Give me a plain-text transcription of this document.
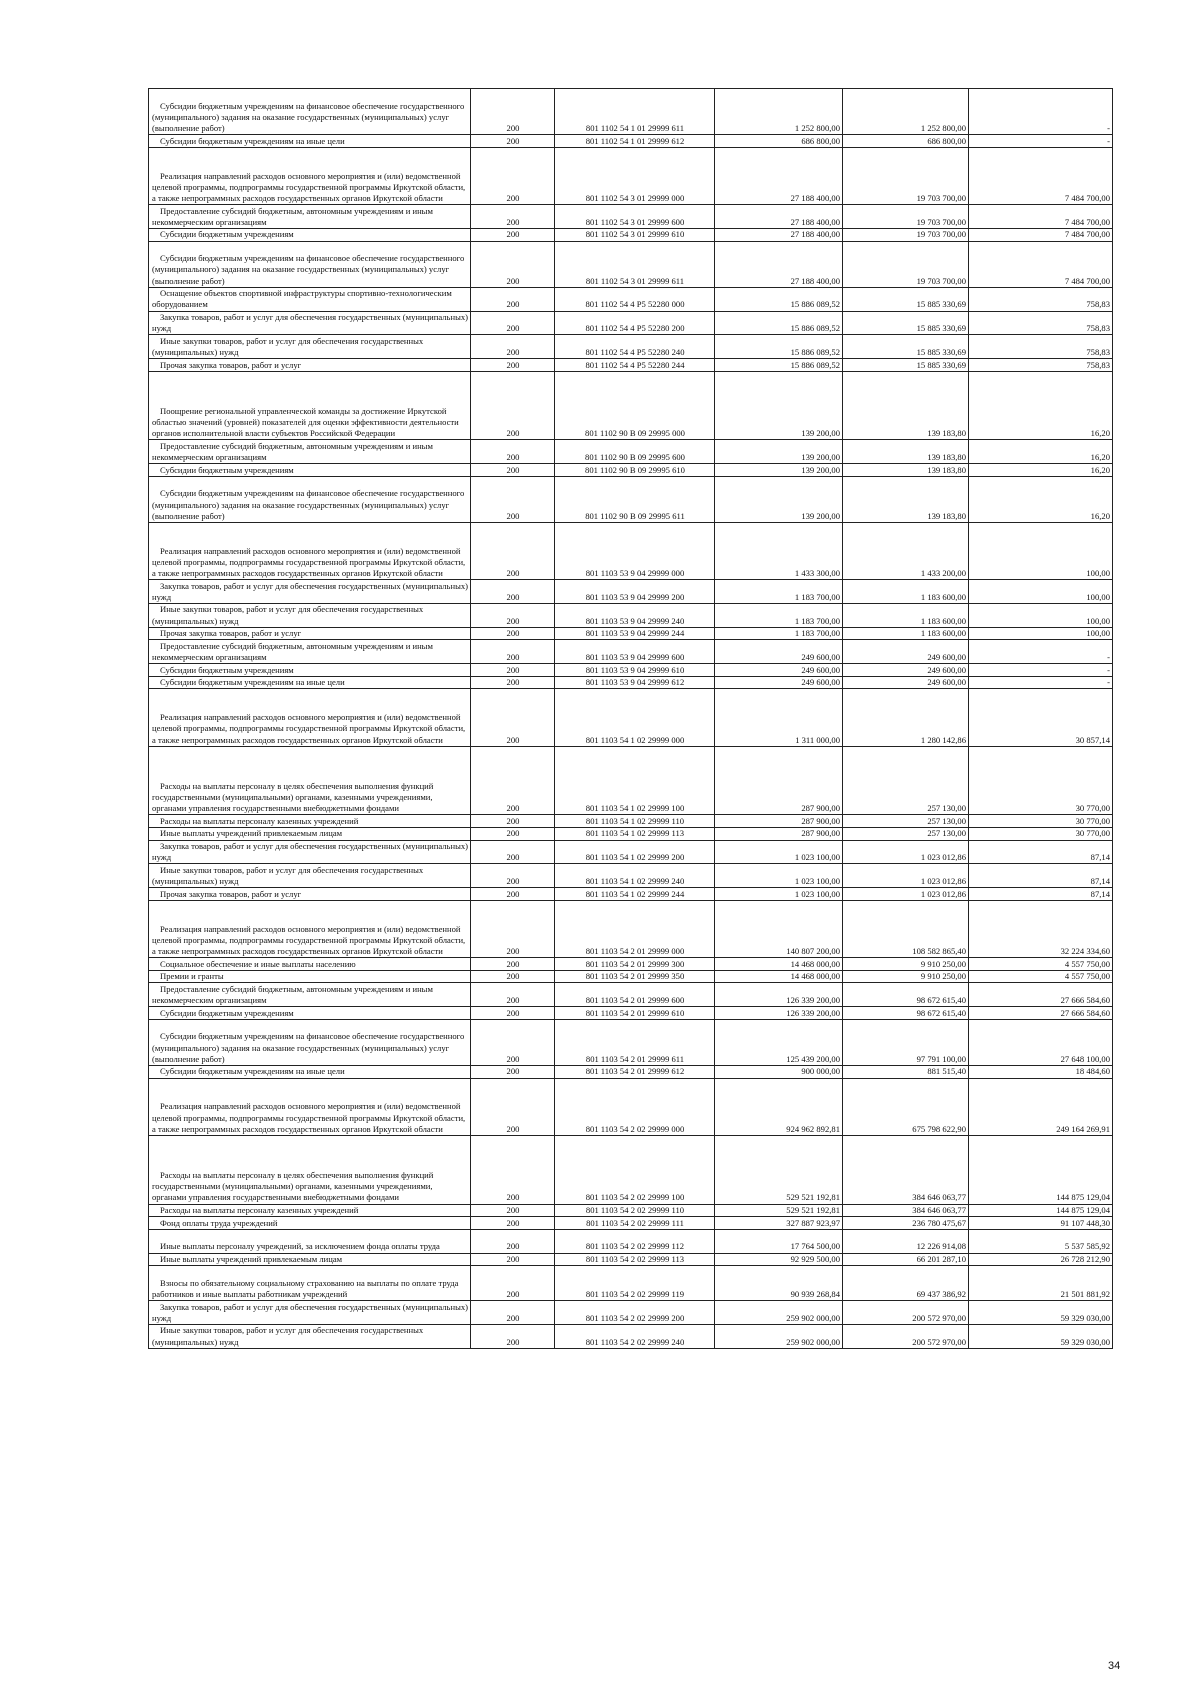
Субсидии бюджетным учреждениям на финансовое обеспечение государственного (муниципального) задания на оказание государственных (муниципальных) услуг (выполнение работ)	200	801 1102 54 1 01 29999 611	1 252 800,00	1 252 800,00	-
Субсидии бюджетным учреждениям на иные цели	200	801 1102 54 1 01 29999 612	686 800,00	686 800,00	-
Реализация направлений расходов основного мероприятия и (или) ведомственной целевой программы, подпрограммы государственной программы Иркутской области, а также непрограммных расходов государственных органов Иркутской области	200	801 1102 54 3 01 29999 000	27 188 400,00	19 703 700,00	7 484 700,00
Предоставление субсидий бюджетным, автономным учреждениям и иным некоммерческим организациям	200	801 1102 54 3 01 29999 600	27 188 400,00	19 703 700,00	7 484 700,00
Субсидии бюджетным учреждениям	200	801 1102 54 3 01 29999 610	27 188 400,00	19 703 700,00	7 484 700,00
Субсидии бюджетным учреждениям на финансовое обеспечение государственного (муниципального) задания на оказание государственных (муниципальных) услуг (выполнение работ)	200	801 1102 54 3 01 29999 611	27 188 400,00	19 703 700,00	7 484 700,00
Оснащение объектов спортивной инфраструктуры спортивно-технологическим оборудованием	200	801 1102 54 4 P5 52280 000	15 886 089,52	15 885 330,69	758,83
Закупка товаров, работ и услуг для обеспечения государственных (муниципальных) нужд	200	801 1102 54 4 P5 52280 200	15 886 089,52	15 885 330,69	758,83
Иные закупки товаров, работ и услуг для обеспечения государственных (муниципальных) нужд	200	801 1102 54 4 P5 52280 240	15 886 089,52	15 885 330,69	758,83
Прочая закупка товаров, работ и услуг	200	801 1102 54 4 P5 52280 244	15 886 089,52	15 885 330,69	758,83
Поощрение региональной управленческой команды за достижение Иркутской областью значений (уровней) показателей для оценки эффективности деятельности органов исполнительной власти субъектов Российской Федерации	200	801 1102 90 В 09 29995 000	139 200,00	139 183,80	16,20
Предоставление субсидий бюджетным, автономным учреждениям и иным некоммерческим организациям	200	801 1102 90 В 09 29995 600	139 200,00	139 183,80	16,20
Субсидии бюджетным учреждениям	200	801 1102 90 В 09 29995 610	139 200,00	139 183,80	16,20
Субсидии бюджетным учреждениям на финансовое обеспечение государственного (муниципального) задания на оказание государственных (муниципальных) услуг (выполнение работ)	200	801 1102 90 В 09 29995 611	139 200,00	139 183,80	16,20
Реализация направлений расходов основного мероприятия и (или) ведомственной целевой программы, подпрограммы государственной программы Иркутской области, а также непрограммных расходов государственных органов Иркутской области	200	801 1103 53 9 04 29999 000	1 433 300,00	1 433 200,00	100,00
Закупка товаров, работ и услуг для обеспечения государственных (муниципальных) нужд	200	801 1103 53 9 04 29999 200	1 183 700,00	1 183 600,00	100,00
Иные закупки товаров, работ и услуг для обеспечения государственных (муниципальных) нужд	200	801 1103 53 9 04 29999 240	1 183 700,00	1 183 600,00	100,00
Прочая закупка товаров, работ и услуг	200	801 1103 53 9 04 29999 244	1 183 700,00	1 183 600,00	100,00
Предоставление субсидий бюджетным, автономным учреждениям и иным некоммерческим организациям	200	801 1103 53 9 04 29999 600	249 600,00	249 600,00	-
Субсидии бюджетным учреждениям	200	801 1103 53 9 04 29999 610	249 600,00	249 600,00	-
Субсидии бюджетным учреждениям на иные цели	200	801 1103 53 9 04 29999 612	249 600,00	249 600,00	-
Реализация направлений расходов основного мероприятия и (или) ведомственной целевой программы, подпрограммы государственной программы Иркутской области, а также непрограммных расходов государственных органов Иркутской области	200	801 1103 54 1 02 29999 000	1 311 000,00	1 280 142,86	30 857,14
Расходы на выплаты персоналу в целях обеспечения выполнения функций государственными (муниципальными) органами, казенными учреждениями, органами управления государственными внебюджетными фондами	200	801 1103 54 1 02 29999 100	287 900,00	257 130,00	30 770,00
Расходы на выплаты персоналу казенных учреждений	200	801 1103 54 1 02 29999 110	287 900,00	257 130,00	30 770,00
Иные выплаты учреждений привлекаемым лицам	200	801 1103 54 1 02 29999 113	287 900,00	257 130,00	30 770,00
Закупка товаров, работ и услуг для обеспечения государственных (муниципальных) нужд	200	801 1103 54 1 02 29999 200	1 023 100,00	1 023 012,86	87,14
Иные закупки товаров, работ и услуг для обеспечения государственных (муниципальных) нужд	200	801 1103 54 1 02 29999 240	1 023 100,00	1 023 012,86	87,14
Прочая закупка товаров, работ и услуг	200	801 1103 54 1 02 29999 244	1 023 100,00	1 023 012,86	87,14
Реализация направлений расходов основного мероприятия и (или) ведомственной целевой программы, подпрограммы государственной программы Иркутской области, а также непрограммных расходов государственных органов Иркутской области	200	801 1103 54 2 01 29999 000	140 807 200,00	108 582 865,40	32 224 334,60
Социальное обеспечение и иные выплаты населению	200	801 1103 54 2 01 29999 300	14 468 000,00	9 910 250,00	4 557 750,00
Премии и гранты	200	801 1103 54 2 01 29999 350	14 468 000,00	9 910 250,00	4 557 750,00
Предоставление субсидий бюджетным, автономным учреждениям и иным некоммерческим организациям	200	801 1103 54 2 01 29999 600	126 339 200,00	98 672 615,40	27 666 584,60
Субсидии бюджетным учреждениям	200	801 1103 54 2 01 29999 610	126 339 200,00	98 672 615,40	27 666 584,60
Субсидии бюджетным учреждениям на финансовое обеспечение государственного (муниципального) задания на оказание государственных (муниципальных) услуг (выполнение работ)	200	801 1103 54 2 01 29999 611	125 439 200,00	97 791 100,00	27 648 100,00
Субсидии бюджетным учреждениям на иные цели	200	801 1103 54 2 01 29999 612	900 000,00	881 515,40	18 484,60
Реализация направлений расходов основного мероприятия и (или) ведомственной целевой программы, подпрограммы государственной программы Иркутской области, а также непрограммных расходов государственных органов Иркутской области	200	801 1103 54 2 02 29999 000	924 962 892,81	675 798 622,90	249 164 269,91
Расходы на выплаты персоналу в целях обеспечения выполнения функций государственными (муниципальными) органами, казенными учреждениями, органами управления государственными внебюджетными фондами	200	801 1103 54 2 02 29999 100	529 521 192,81	384 646 063,77	144 875 129,04
Расходы на выплаты персоналу казенных учреждений	200	801 1103 54 2 02 29999 110	529 521 192,81	384 646 063,77	144 875 129,04
Фонд оплаты труда учреждений	200	801 1103 54 2 02 29999 111	327 887 923,97	236 780 475,67	91 107 448,30
Иные выплаты персоналу учреждений, за исключением фонда оплаты труда	200	801 1103 54 2 02 29999 112	17 764 500,00	12 226 914,08	5 537 585,92
Иные выплаты учреждений привлекаемым лицам	200	801 1103 54 2 02 29999 113	92 929 500,00	66 201 287,10	26 728 212,90
Взносы по обязательному социальному страхованию на выплаты по оплате труда работников и иные выплаты работникам учреждений	200	801 1103 54 2 02 29999 119	90 939 268,84	69 437 386,92	21 501 881,92
Закупка товаров, работ и услуг для обеспечения государственных (муниципальных) нужд	200	801 1103 54 2 02 29999 200	259 902 000,00	200 572 970,00	59 329 030,00
Иные закупки товаров, работ и услуг для обеспечения государственных (муниципальных) нужд	200	801 1103 54 2 02 29999 240	259 902 000,00	200 572 970,00	59 329 030,00
34
